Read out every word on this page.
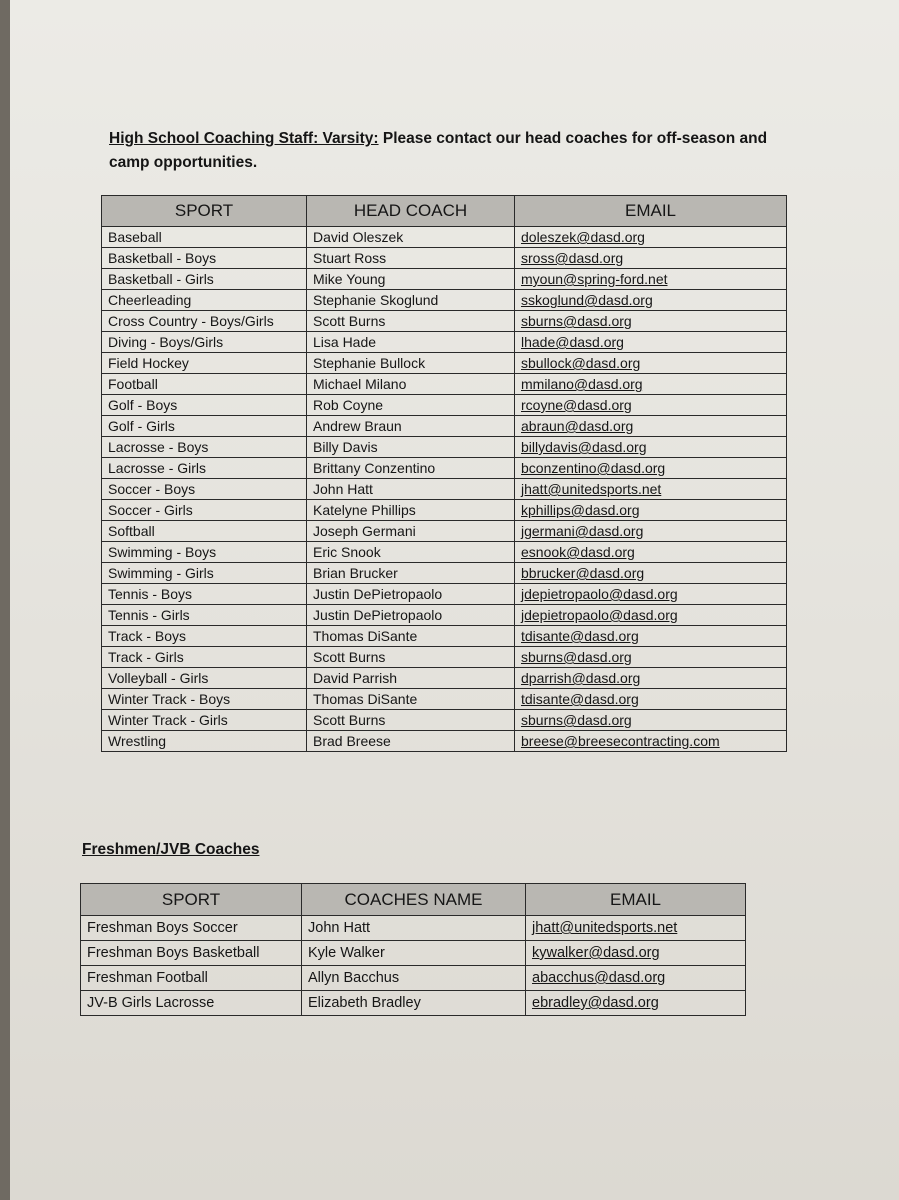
High School Coaching Staff: Varsity: Please contact our head coaches for off-season and camp opportunities.
SPORT	HEAD COACH	EMAIL
Baseball	David Oleszek	doleszek@dasd.org
Basketball - Boys	Stuart Ross	sross@dasd.org
Basketball - Girls	Mike Young	myoun@spring-ford.net
Cheerleading	Stephanie Skoglund	sskoglund@dasd.org
Cross Country - Boys/Girls	Scott Burns	sburns@dasd.org
Diving - Boys/Girls	Lisa Hade	lhade@dasd.org
Field Hockey	Stephanie Bullock	sbullock@dasd.org
Football	Michael Milano	mmilano@dasd.org
Golf - Boys	Rob Coyne	rcoyne@dasd.org
Golf - Girls	Andrew Braun	abraun@dasd.org
Lacrosse - Boys	Billy Davis	billydavis@dasd.org
Lacrosse - Girls	Brittany Conzentino	bconzentino@dasd.org
Soccer - Boys	John Hatt	jhatt@unitedsports.net
Soccer - Girls	Katelyne Phillips	kphillips@dasd.org
Softball	Joseph Germani	jgermani@dasd.org
Swimming - Boys	Eric Snook	esnook@dasd.org
Swimming - Girls	Brian Brucker	bbrucker@dasd.org
Tennis - Boys	Justin DePietropaolo	jdepietropaolo@dasd.org
Tennis - Girls	Justin DePietropaolo	jdepietropaolo@dasd.org
Track - Boys	Thomas DiSante	tdisante@dasd.org
Track - Girls	Scott Burns	sburns@dasd.org
Volleyball - Girls	David Parrish	dparrish@dasd.org
Winter Track - Boys	Thomas DiSante	tdisante@dasd.org
Winter Track - Girls	Scott Burns	sburns@dasd.org
Wrestling	Brad Breese	breese@breesecontracting.com
Freshmen/JVB Coaches
SPORT	COACHES NAME	EMAIL
Freshman Boys Soccer	John Hatt	jhatt@unitedsports.net
Freshman Boys Basketball	Kyle Walker	kywalker@dasd.org
Freshman Football	Allyn Bacchus	abacchus@dasd.org
JV-B Girls Lacrosse	Elizabeth Bradley	ebradley@dasd.org
